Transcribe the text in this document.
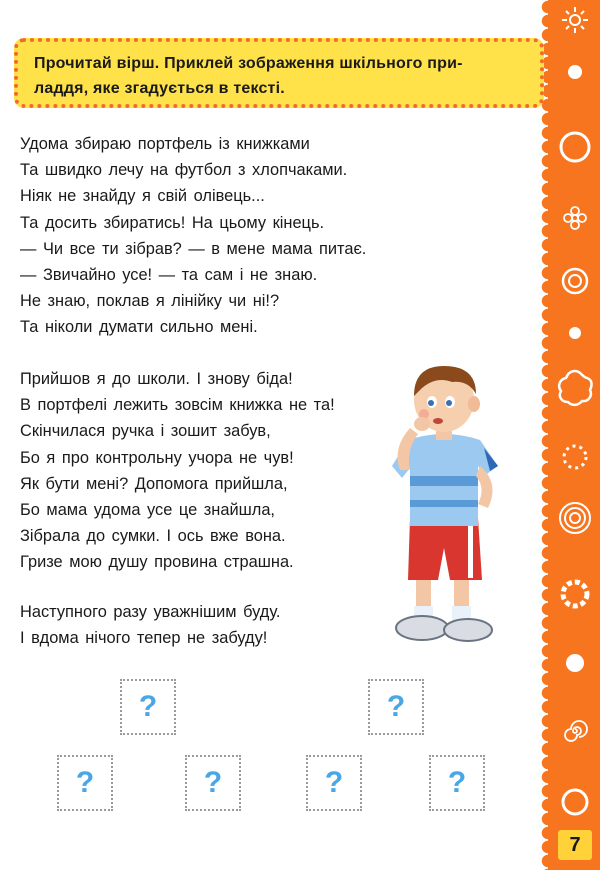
7
Прочитай вірш. Приклей зображення шкільного при-
ладдя, яке згадується в тексті.
Удома збираю портфель із книжками
Та швидко лечу на футбол з хлопчаками.
Ніяк не знайду я свій олівець...
Та досить збиратись! На цьому кінець.
— Чи все ти зібрав? — в мене мама питає.
— Звичайно усе! — та сам і не знаю.
Не знаю, поклав я лінійку чи ні!?
Та ніколи думати сильно мені.
Прийшов я до школи. І знову біда!
В портфелі лежить зовсім книжка не та!
Скінчилася ручка і зошит забув,
Бо я про контрольну учора не чув!
Як бути мені? Допомога прийшла,
Бо мама удома усе це знайшла,
Зібрала до сумки. І ось вже вона.
Гризе мою душу провина страшна.
Наступного разу уважнішим буду.
І вдома нічого тепер не забуду!
?	?
?	?	?	?
